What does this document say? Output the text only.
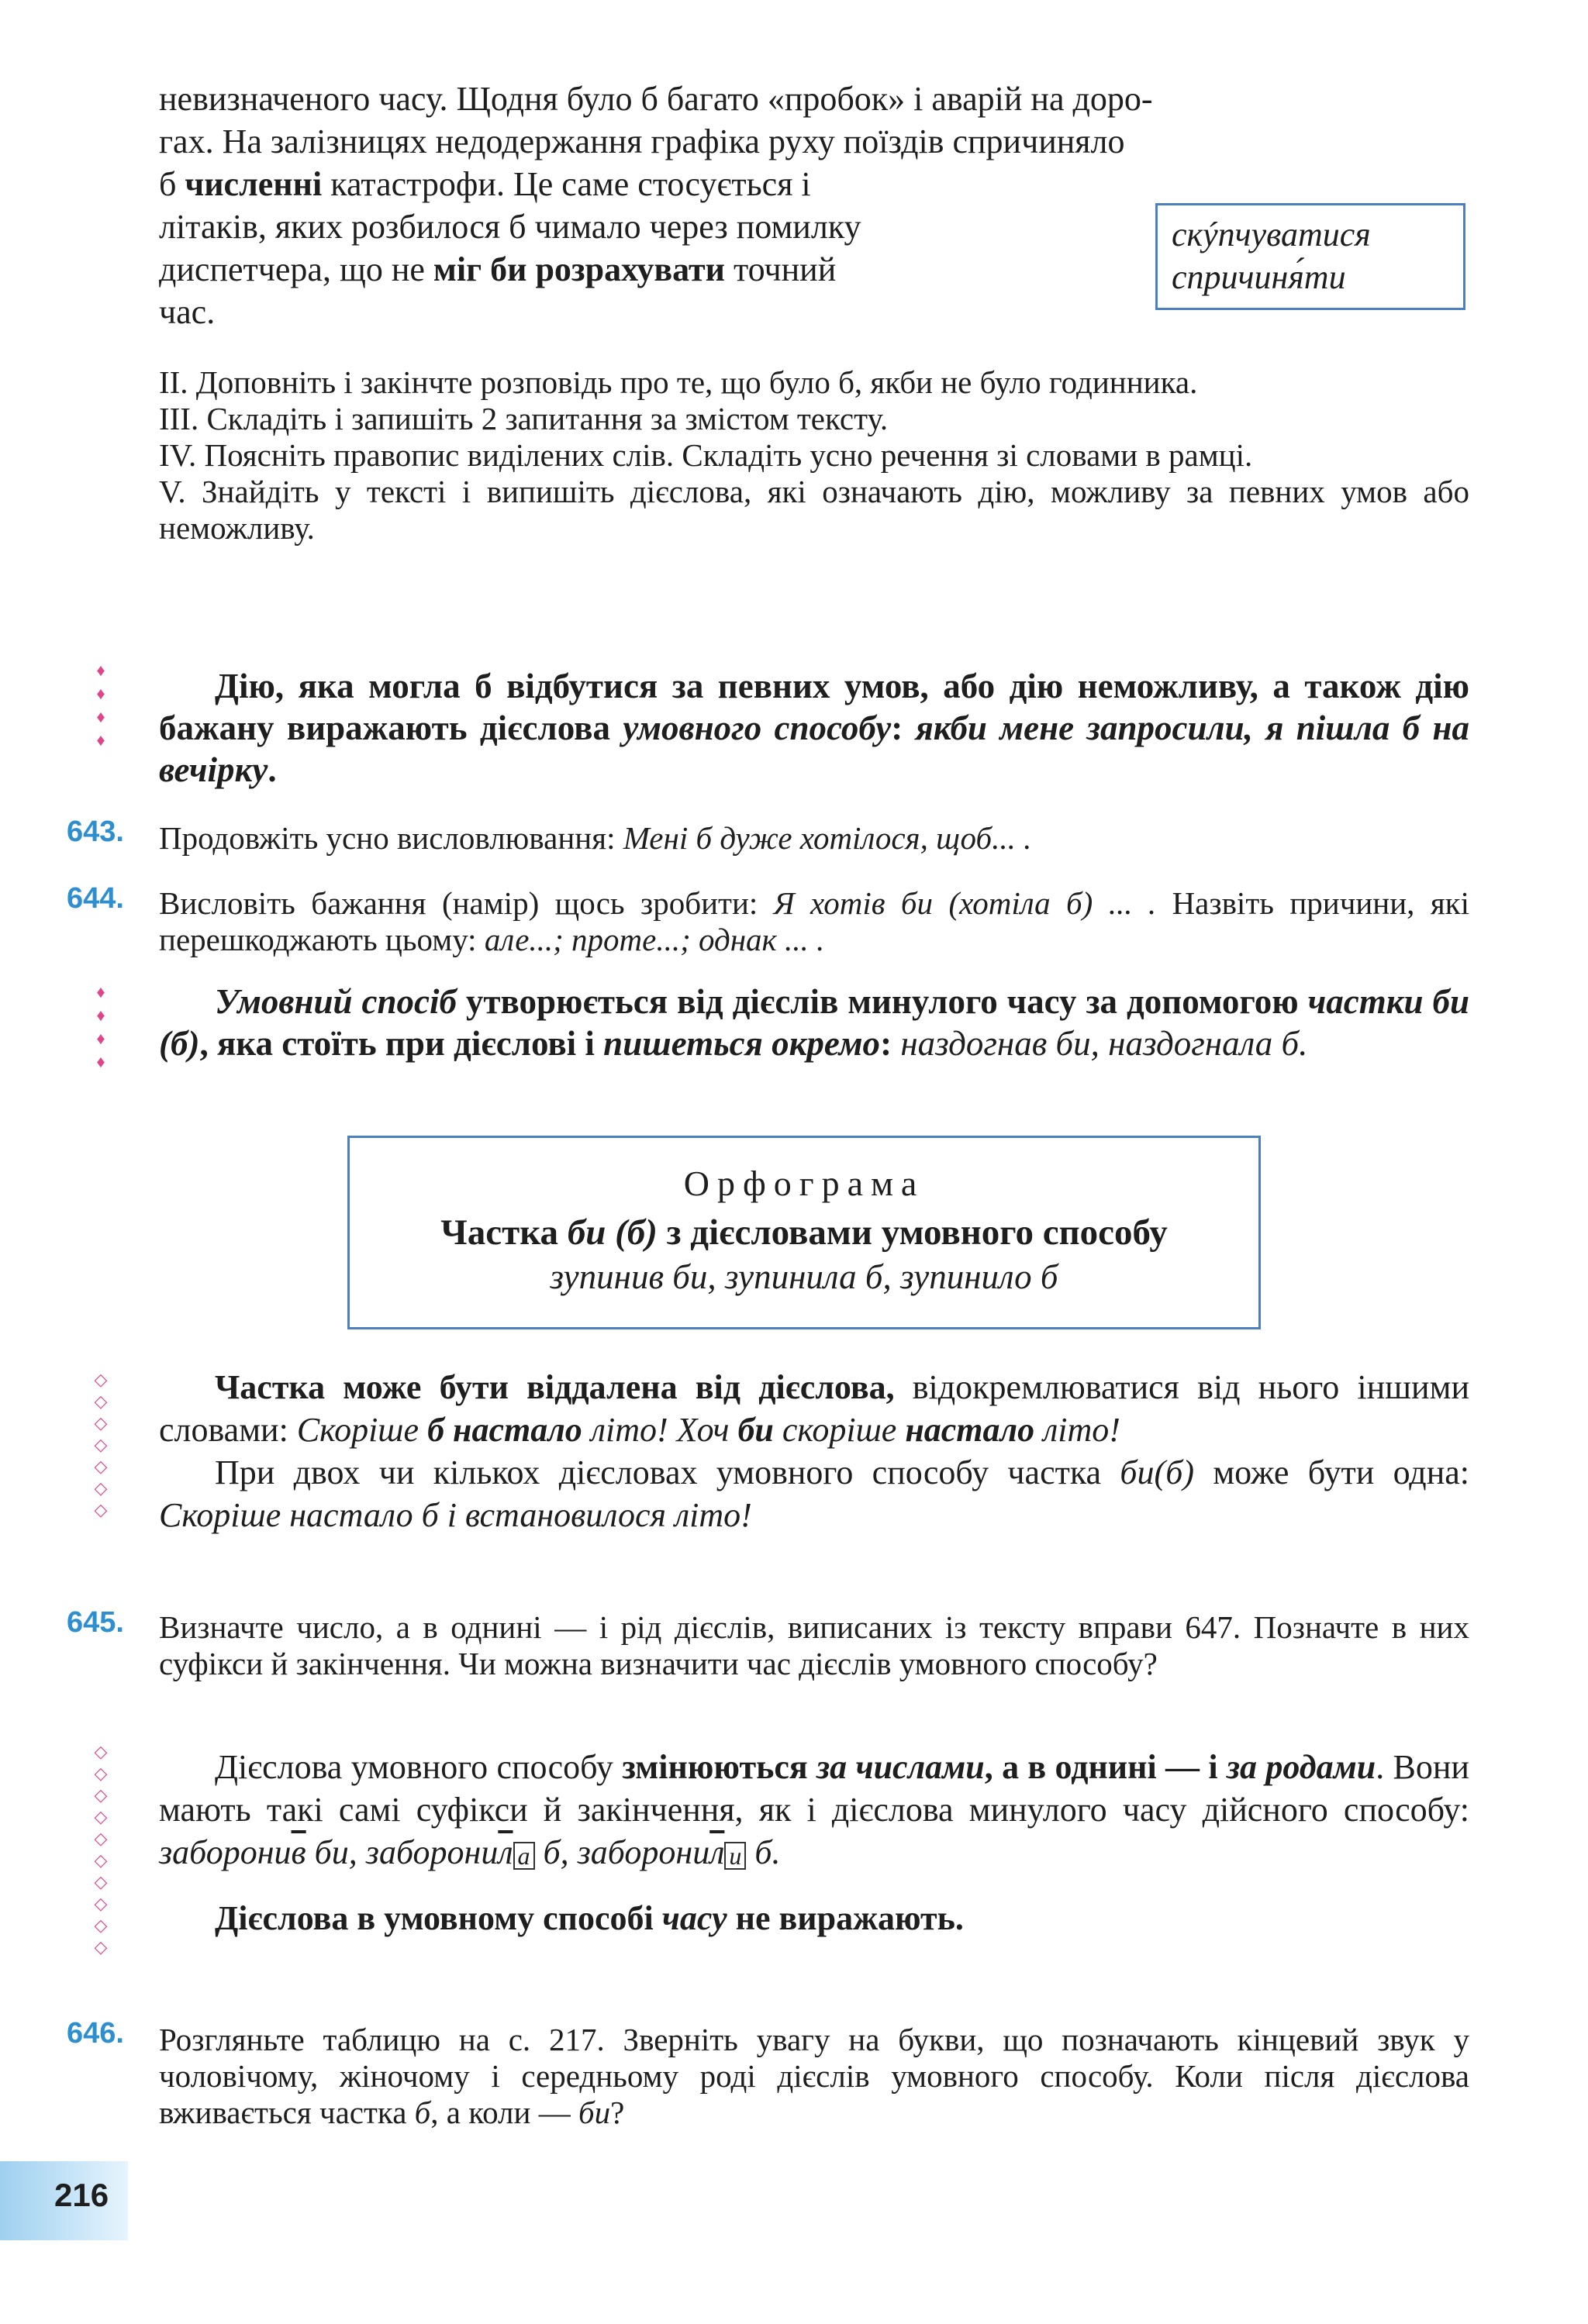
невизначеного часу. Щодня було б багато «пробок» і аварій на доро-
гах. На залізницях недодержання графіка руху поїздів спричиняло
б численні катастрофи. Це саме стосується і
літаків, яких розбилося б чимало через помилку
диспетчера, що не міг би розрахувати точний
час.
скýпчуватися
спричиня́ти
II. Доповніть і закінчте розповідь про те, що було б, якби не було годинника.
III. Складіть і запишіть 2 запитання за змістом тексту.
IV. Поясніть правопис виділених слів. Складіть усно речення зі словами в рамці.
V. Знайдіть у тексті і випишіть дієслова, які означають дію, можливу за певних умов або неможливу.
♦
♦
♦
♦
Дію, яка могла б відбутися за певних умов, або дію неможливу, а також дію бажану виражають дієслова умовного способу: якби мене запросили, я пішла б на вечірку.
643. Продовжіть усно висловлювання: Мені б дуже хотілося, щоб... .
644. Висловіть бажання (намір) щось зробити: Я хотів би (хотіла б) ... . Назвіть причини, які перешкоджають цьому: але...; проте...; однак ... .
♦
♦
♦
♦
Умовний спосіб утворюється від дієслів минулого часу за допомогою частки би (б), яка стоїть при дієслові і пишеться окремо: наздогнав би, наздогнала б.
Орфограма
Частка би (б) з дієсловами умовного способу
зупинив би, зупинила б, зупинило б
◇
◇
◇
◇
◇
◇
◇
Частка може бути віддалена від дієслова, відокремлюватися від нього іншими словами: Скоріше б настало літо! Хоч би скоріше настало літо!
При двох чи кількох дієсловах умовного способу частка би(б) може бути одна: Скоріше настало б і встановилося літо!
645. Визначте число, а в однині — і рід дієслів, виписаних із тексту вправи 647. Позначте в них суфікси й закінчення. Чи можна визначити час дієслів умовного способу?
◇
◇
◇
◇
◇
◇
◇
◇
◇
◇
Дієслова умовного способу змінюються за числами, а в однині — і за родами. Вони мають такі самі суфікси й закінчення, як і дієслова минулого часу дійсного способу: заборонив би, заборонил а б, заборонил и б.
Дієслова в умовному способі часу не виражають.
646. Розгляньте таблицю на с. 217. Зверніть увагу на букви, що позначають кінцевий звук у чоловічому, жіночому і середньому роді дієслів умовного способу. Коли після дієслова вживається частка б, а коли — би?
216
